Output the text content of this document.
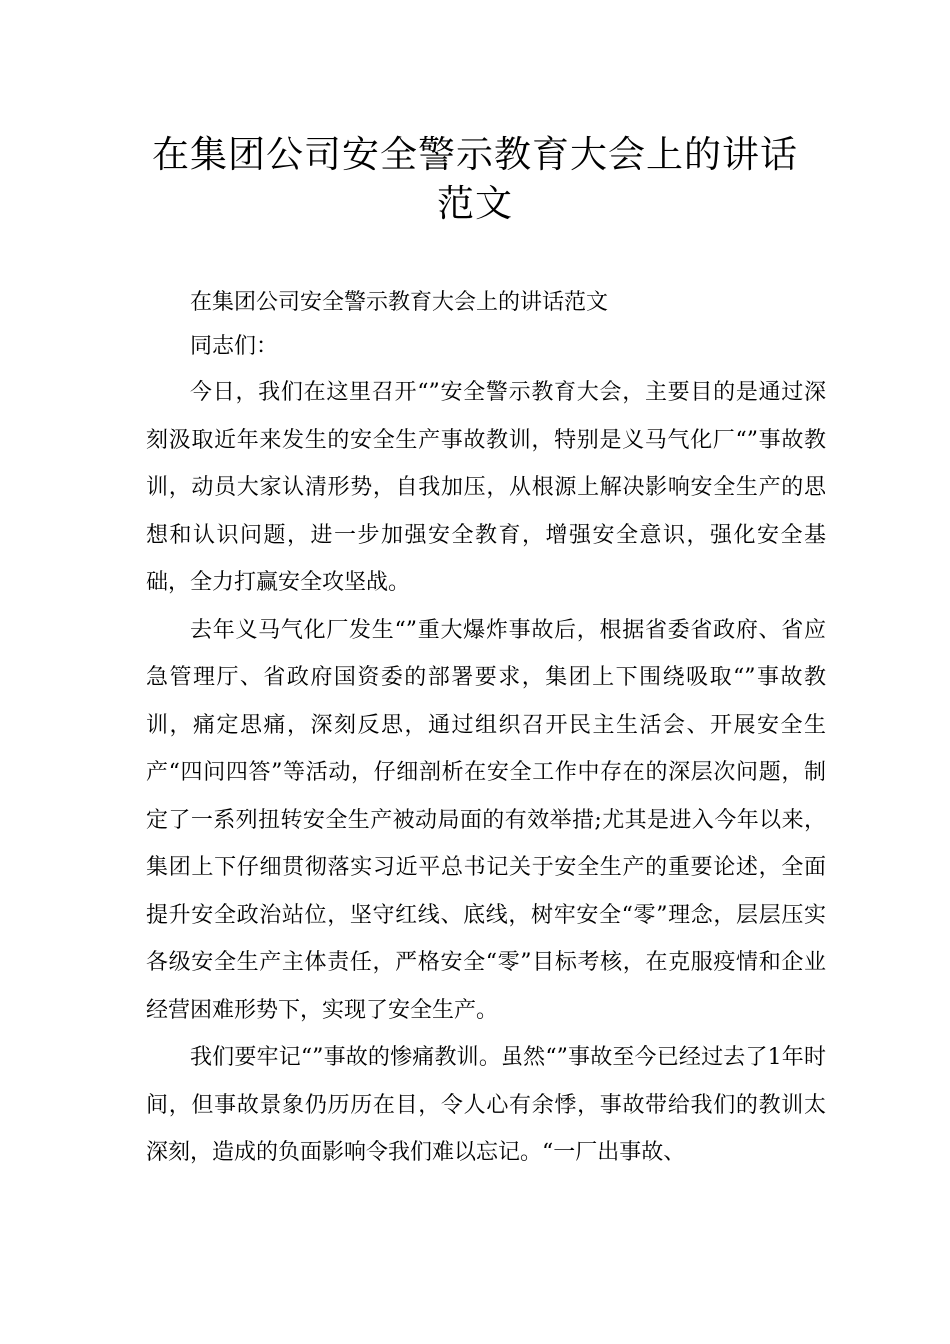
在集团公司安全警示教育大会上的讲话
范文

在集团公司安全警示教育大会上的讲话范文

同志们：

今日，我们在这里召开“”安全警示教育大会，主要目的是通过深刻汲取近年来发生的安全生产事故教训，特别是义马气化厂“”事故教训，动员大家认清形势，自我加压，从根源上解决影响安全生产的思想和认识问题，进一步加强安全教育，增强安全意识，强化安全基础，全力打赢安全攻坚战。

去年义马气化厂发生“”重大爆炸事故后，根据省委省政府、省应急管理厅、省政府国资委的部署要求，集团上下围绕吸取“”事故教训，痛定思痛，深刻反思，通过组织召开民主生活会、开展安全生产“四问四答”等活动，仔细剖析在安全工作中存在的深层次问题，制定了一系列扭转安全生产被动局面的有效举措;尤其是进入今年以来，集团上下仔细贯彻落实习近平总书记关于安全生产的重要论述，全面提升安全政治站位，坚守红线、底线，树牢安全“零”理念，层层压实各级安全生产主体责任，严格安全“零”目标考核，在克服疫情和企业经营困难形势下，实现了安全生产。

我们要牢记“”事故的惨痛教训。虽然“”事故至今已经过去了1年时间，但事故景象仍历历在目，令人心有余悸，事故带给我们的教训太深刻，造成的负面影响令我们难以忘记。“一厂出事故、
